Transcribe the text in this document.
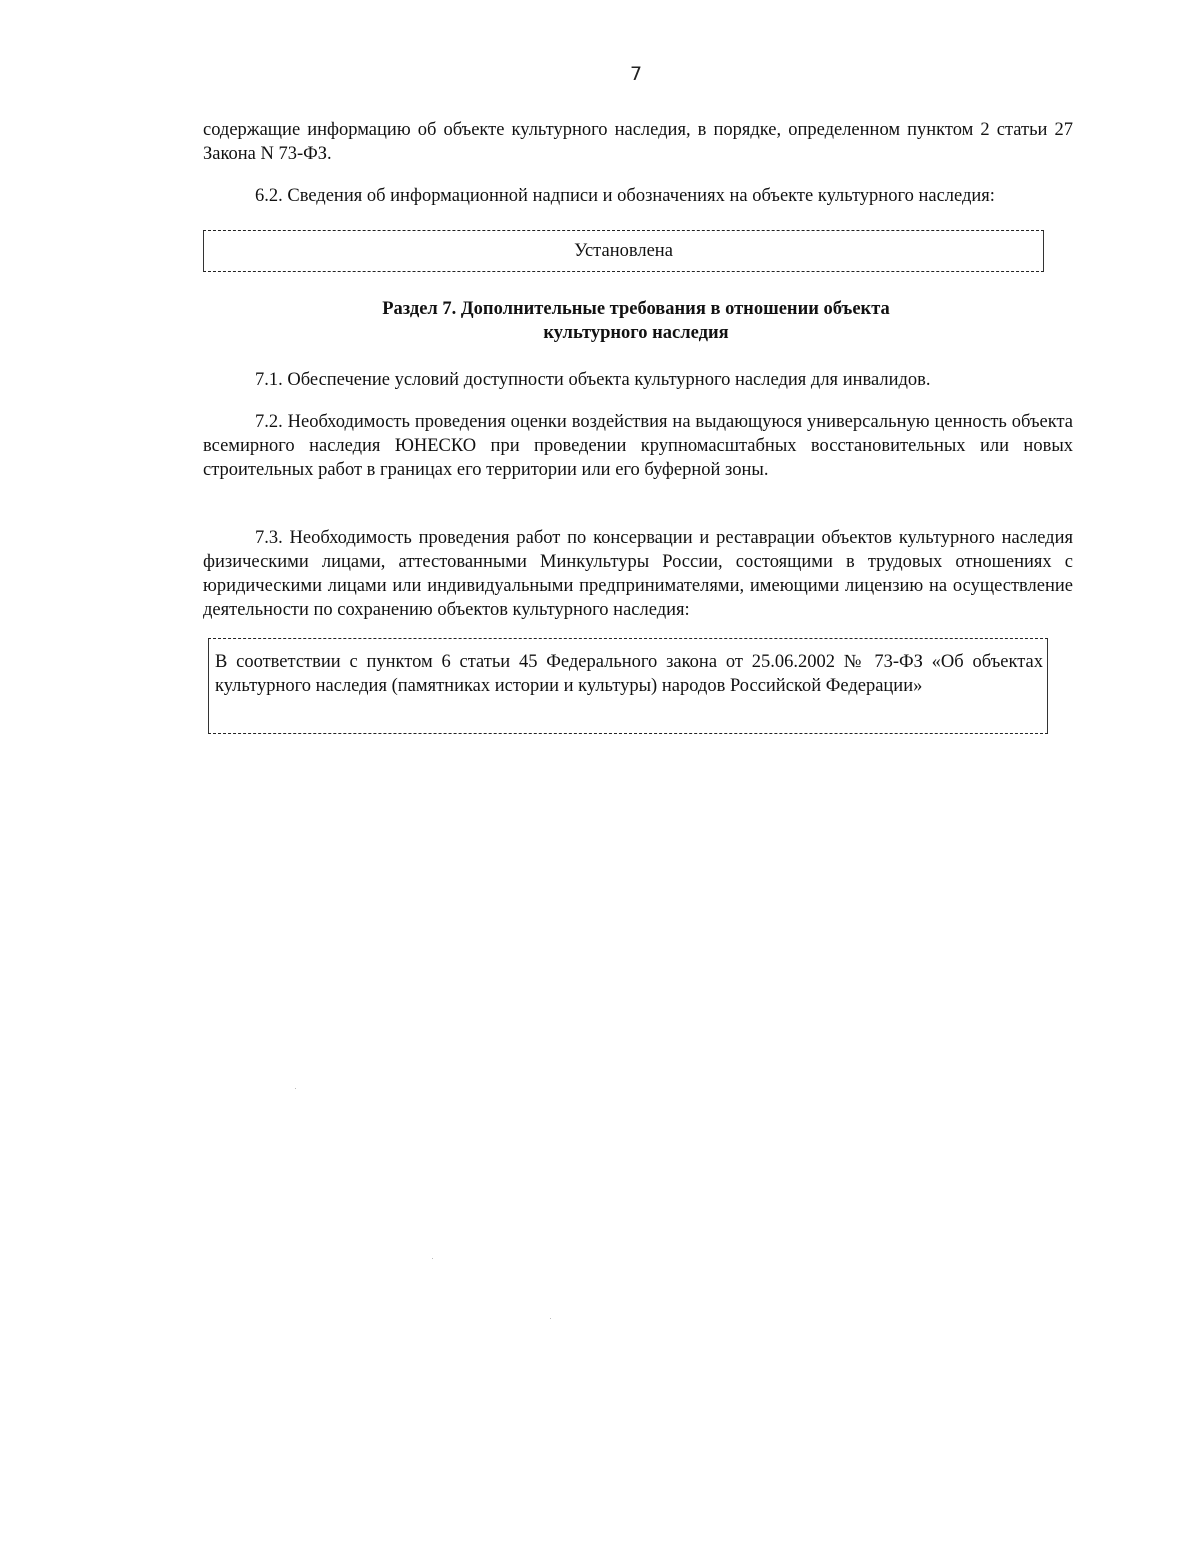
7

содержащие информацию об объекте культурного наследия, в порядке, определенном пунктом 2 статьи 27 Закона N 73-ФЗ.

6.2. Сведения об информационной надписи и обозначениях на объекте культурного наследия:

Установлена
Раздел 7. Дополнительные требования в отношении объекта
культурного наследия

7.1. Обеспечение условий доступности объекта культурного наследия для инвалидов.

7.2. Необходимость проведения оценки воздействия на выдающуюся универсальную ценность объекта всемирного наследия ЮНЕСКО при проведении крупномасштабных восстановительных или новых строительных работ в границах его территории или его буферной зоны.

7.3. Необходимость проведения работ по консервации и реставрации объектов культурного наследия физическими лицами, аттестованными Минкультуры России, состоящими в трудовых отношениях с юридическими лицами или индивидуальными предпринимателями, имеющими лицензию на осуществление деятельности по сохранению объектов культурного наследия:

В соответствии с пунктом 6 статьи 45 Федерального закона от 25.06.2002 № 73-ФЗ «Об объектах культурного наследия (памятниках истории и культуры) народов Российской Федерации»
